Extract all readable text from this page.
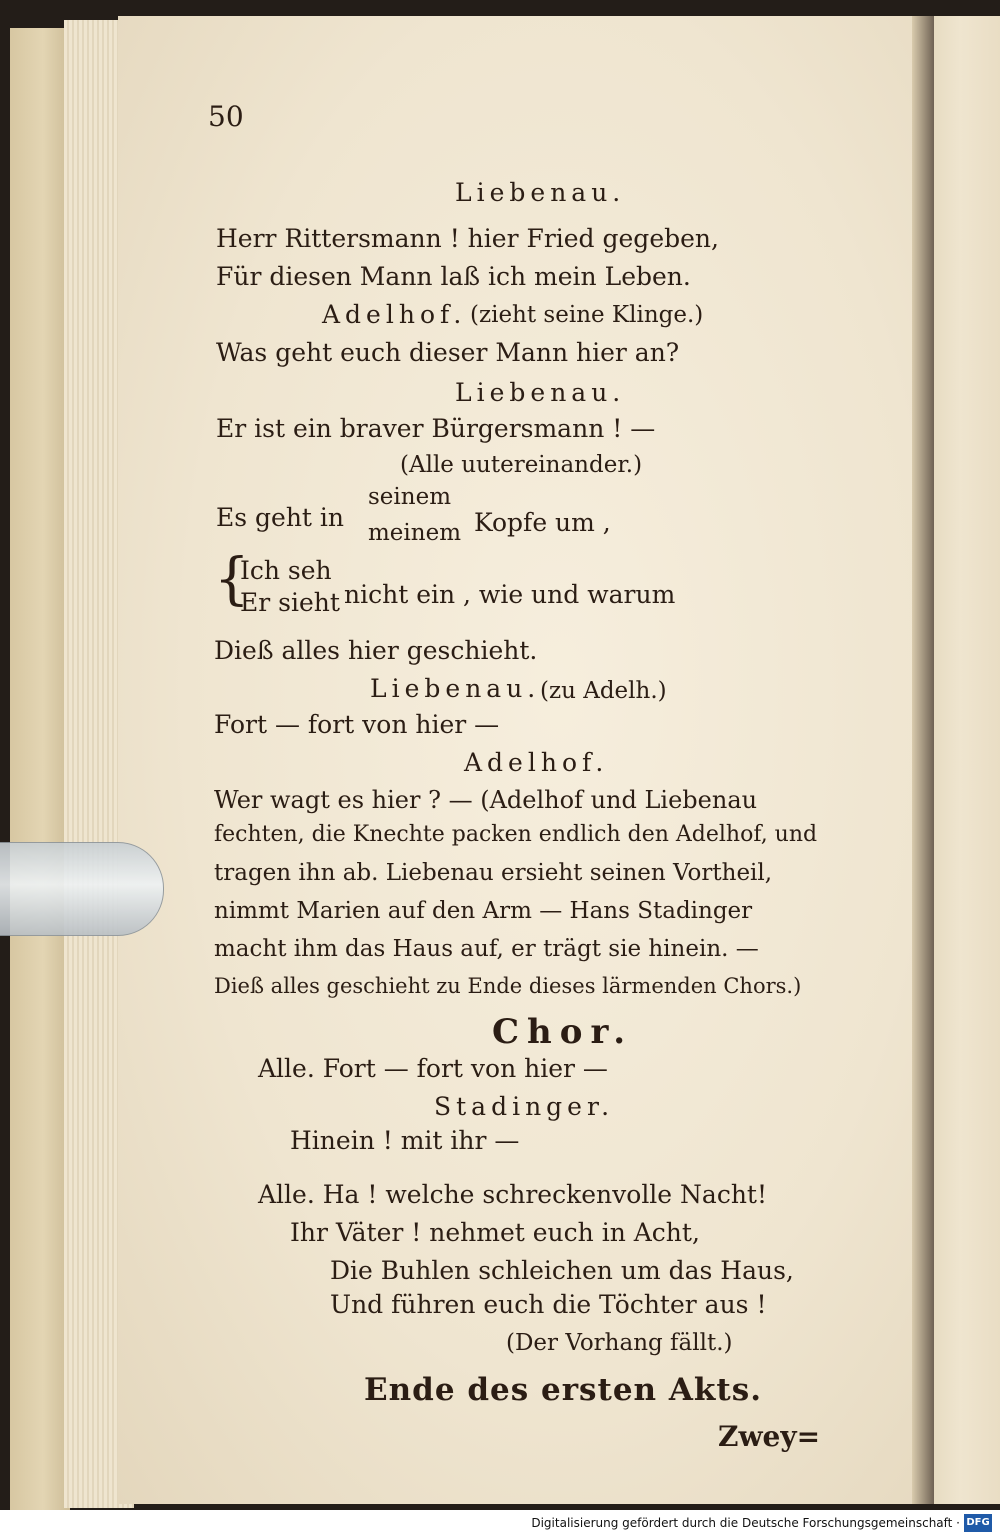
50
Liebenau.
Herr Rittersmann ! hier Fried gegeben,
Für diesen Mann laß ich mein Leben.
Adelhof. (zieht seine Klinge.)
Was geht euch dieser Mann hier an?
Liebenau.
Er ist ein braver Bürgersmann ! —
(Alle uutereinander.)
Es geht in
seinem
meinem Kopfe um ,
{
Ich seh
Er sieht nicht ein , wie und warum
Dieß alles hier geschieht.
Liebenau. (zu Adelh.)
Fort — fort von hier —
Adelhof.
Wer wagt es hier ? — (Adelhof und Liebenau
fechten, die Knechte packen endlich den Adelhof, und
tragen ihn ab. Liebenau ersieht seinen Vortheil,
nimmt Marien auf den Arm — Hans Stadinger
macht ihm das Haus auf, er trägt sie hinein. —
Dieß alles geschieht zu Ende dieses lärmenden Chors.)
Chor.
Alle. Fort — fort von hier —
Stadinger.
Hinein ! mit ihr —
Alle. Ha ! welche schreckenvolle Nacht!
Ihr Väter ! nehmet euch in Acht,
Die Buhlen schleichen um das Haus,
Und führen euch die Töchter aus !
(Der Vorhang fällt.)
Ende des ersten Akts.
Zwey=
Digitalisierung gefördert durch die Deutsche Forschungsgemeinschaft · DFG
